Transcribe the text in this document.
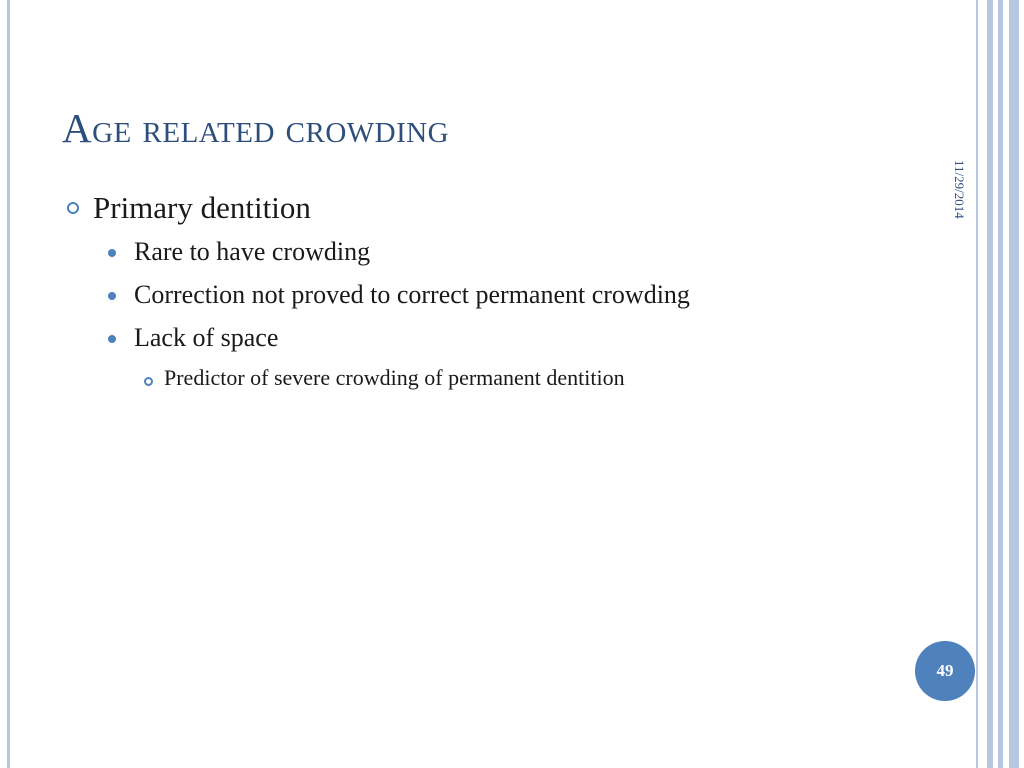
Age related crowding
11/29/2014
Primary dentition
Rare to have crowding
Correction not proved to correct permanent crowding
Lack of space
Predictor of severe crowding of permanent dentition
49
